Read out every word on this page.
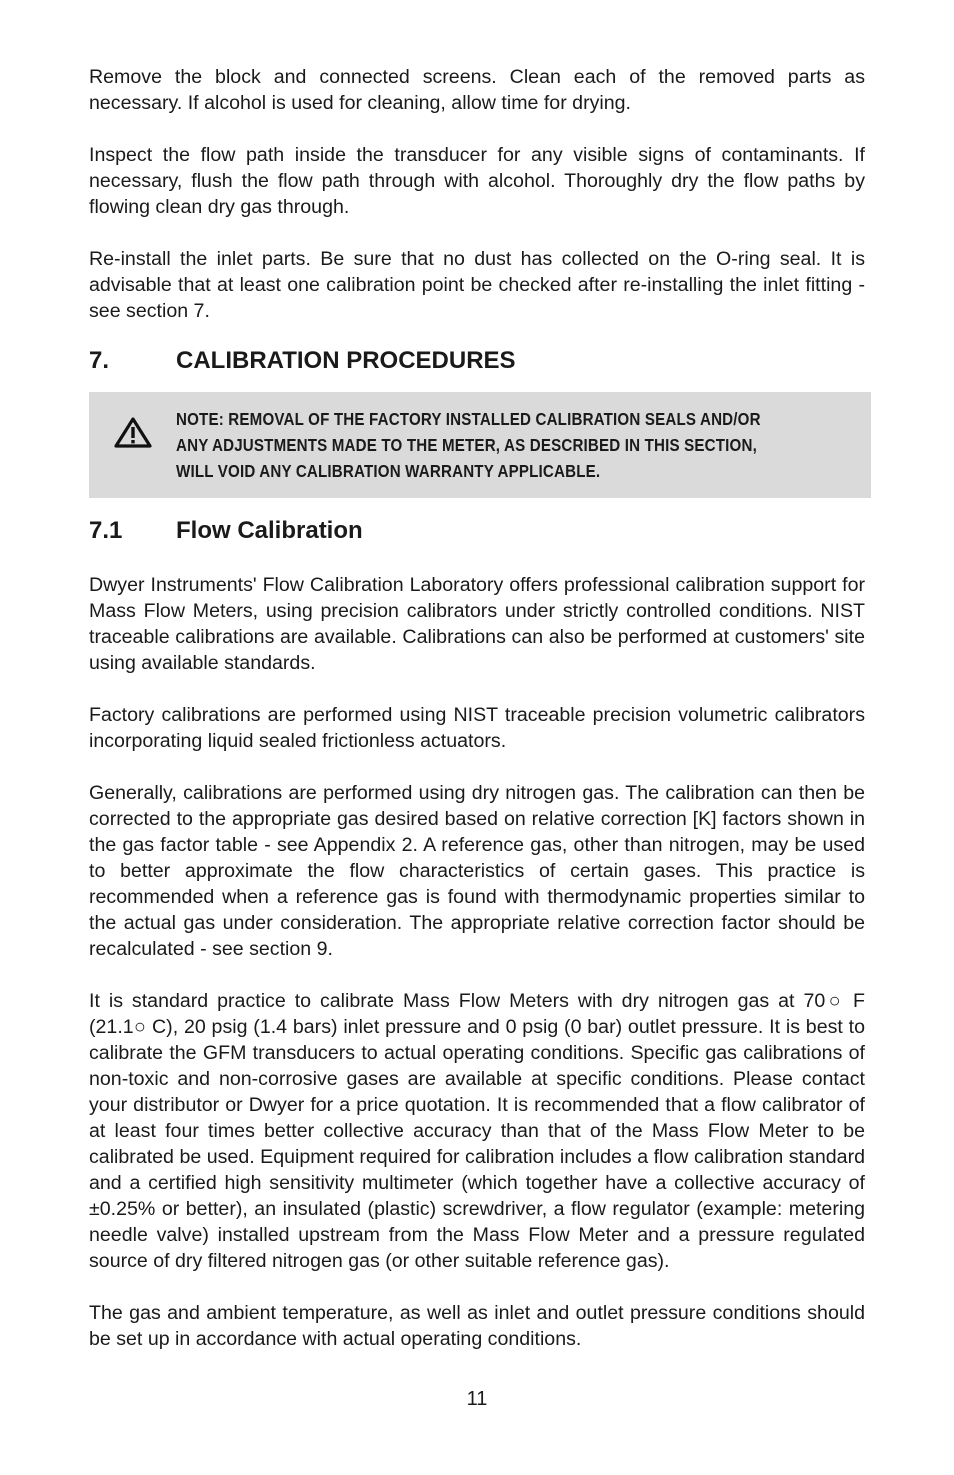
Remove the block and connected screens. Clean each of the removed parts as necessary. If alcohol is used for cleaning, allow time for drying.

Inspect the flow path inside the transducer for any visible signs of contaminants. If necessary, flush the flow path through with alcohol. Thoroughly dry the flow paths by flowing clean dry gas through.

Re-install the inlet parts. Be sure that no dust has collected on the O-ring seal. It is advisable that at least one calibration point be checked after re-installing the inlet fitting - see section 7.

7.	CALIBRATION PROCEDURES
NOTE: REMOVAL OF THE FACTORY INSTALLED CALIBRATION SEALS AND/OR
ANY ADJUSTMENTS MADE TO THE METER, AS DESCRIBED IN THIS SECTION,
WILL VOID ANY CALIBRATION WARRANTY APPLICABLE.
7.1	Flow Calibration

Dwyer Instruments' Flow Calibration Laboratory offers professional calibration support for Mass Flow Meters, using precision calibrators under strictly controlled conditions. NIST traceable calibrations are available. Calibrations can also be performed at customers' site using available standards.

Factory calibrations are performed using NIST traceable precision volumetric calibrators incorporating liquid sealed frictionless actuators.

Generally, calibrations are performed using dry nitrogen gas. The calibration can then be corrected to the appropriate gas desired based on relative correction [K] factors shown in the gas factor table - see Appendix 2. A reference gas, other than nitrogen, may be used to better approximate the flow characteristics of certain gases. This practice is recommended when a reference gas is found with thermodynamic properties similar to the actual gas under consideration. The appropriate relative correction factor should be recalculated - see section 9.

It is standard practice to calibrate Mass Flow Meters with dry nitrogen gas at 70○ F (21.1○ C), 20 psig (1.4 bars) inlet pressure and 0 psig (0 bar) outlet pressure. It is best to calibrate the GFM transducers to actual operating conditions. Specific gas calibrations of non-toxic and non-corrosive gases are available at specific conditions. Please contact your distributor or Dwyer for a price quotation. It is recommended that a flow calibrator of at least four times better collective accuracy than that of the Mass Flow Meter to be calibrated be used. Equipment required for calibration includes a flow calibration standard and a certified high sensitivity multimeter (which together have a collective accuracy of ±0.25% or better), an insulated (plastic) screwdriver, a flow regulator (example: metering needle valve) installed upstream from the Mass Flow Meter and a pressure regulated source of dry filtered nitrogen gas (or other suitable reference gas).

The gas and ambient temperature, as well as inlet and outlet pressure conditions should be set up in accordance with actual operating conditions.

11
